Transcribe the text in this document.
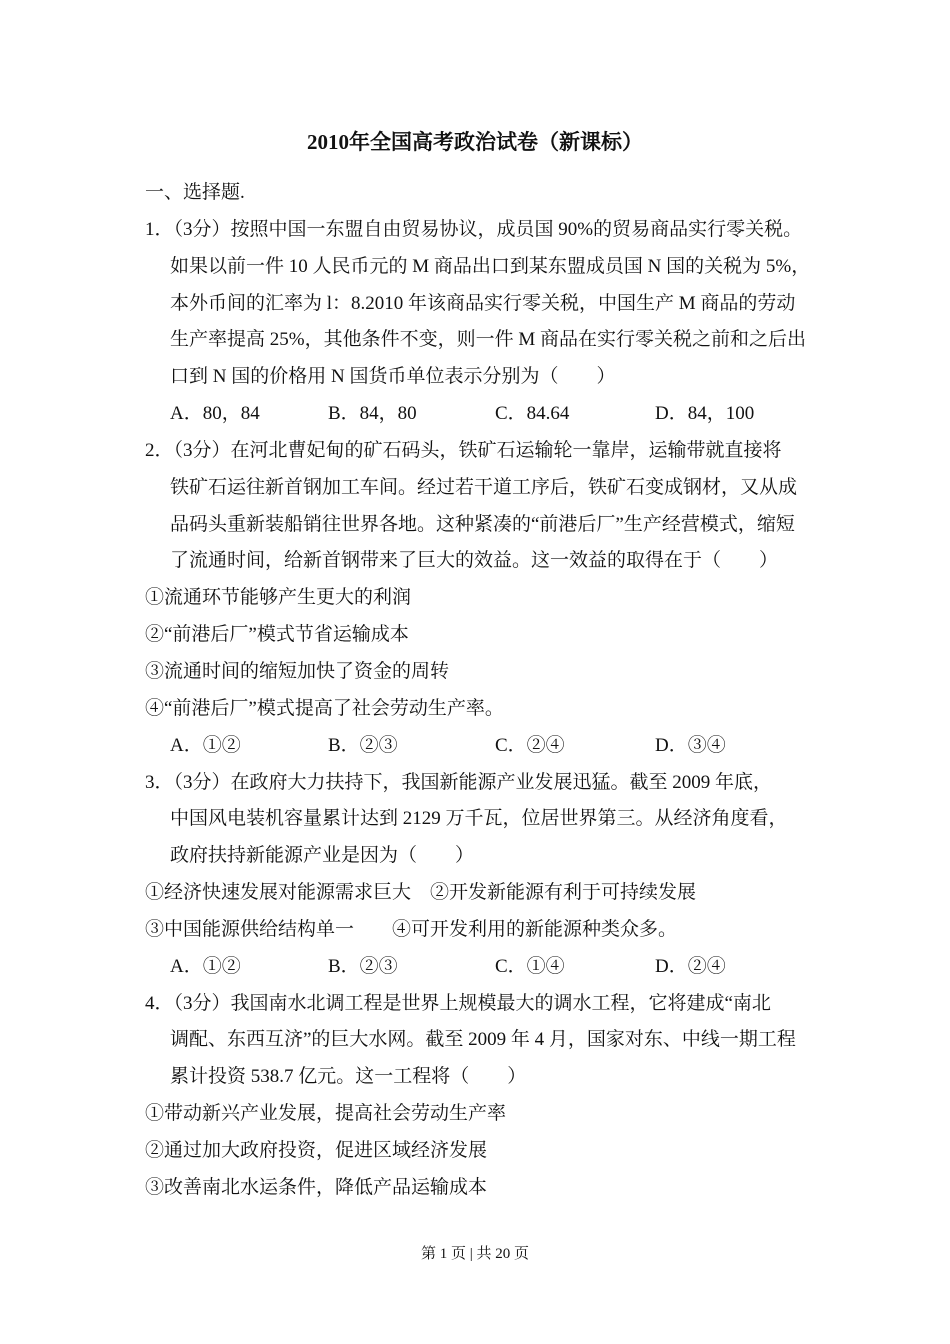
2010年全国高考政治试卷（新课标）
一、选择题.
1．（3分）按照中国一东盟自由贸易协议，成员国 90%的贸易商品实行零关税。
如果以前一件 10 人民币元的 M 商品出口到某东盟成员国 N 国的关税为 5%，
本外币间的汇率为 l：8.2010 年该商品实行零关税，中国生产 M 商品的劳动
生产率提高 25%，其他条件不变，则一件 M 商品在实行零关税之前和之后出
口到 N 国的价格用 N 国货币单位表示分别为（　　）
A．80，84	B．84，80	C．84.64	D．84，100
2．（3分）在河北曹妃甸的矿石码头，铁矿石运输轮一靠岸，运输带就直接将
铁矿石运往新首钢加工车间。经过若干道工序后，铁矿石变成钢材，又从成
品码头重新装船销往世界各地。这种紧凑的“前港后厂”生产经营模式，缩短
了流通时间，给新首钢带来了巨大的效益。这一效益的取得在于（　　）
①流通环节能够产生更大的利润
②“前港后厂”模式节省运输成本
③流通时间的缩短加快了资金的周转
④“前港后厂”模式提高了社会劳动生产率。
A．①②	B．②③	C．②④	D．③④
3．（3分）在政府大力扶持下，我国新能源产业发展迅猛。截至 2009 年底，
中国风电装机容量累计达到 2129 万千瓦，位居世界第三。从经济角度看，
政府扶持新能源产业是因为（　　）
①经济快速发展对能源需求巨大　②开发新能源有利于可持续发展
③中国能源供给结构单一　　④可开发利用的新能源种类众多。
A．①②	B．②③	C．①④	D．②④
4．（3分）我国南水北调工程是世界上规模最大的调水工程，它将建成“南北
调配、东西互济”的巨大水网。截至 2009 年 4 月，国家对东、中线一期工程
累计投资 538.7 亿元。这一工程将（　　）
①带动新兴产业发展，提高社会劳动生产率
②通过加大政府投资，促进区域经济发展
③改善南北水运条件，降低产品运输成本
第 1 页 | 共 20 页
